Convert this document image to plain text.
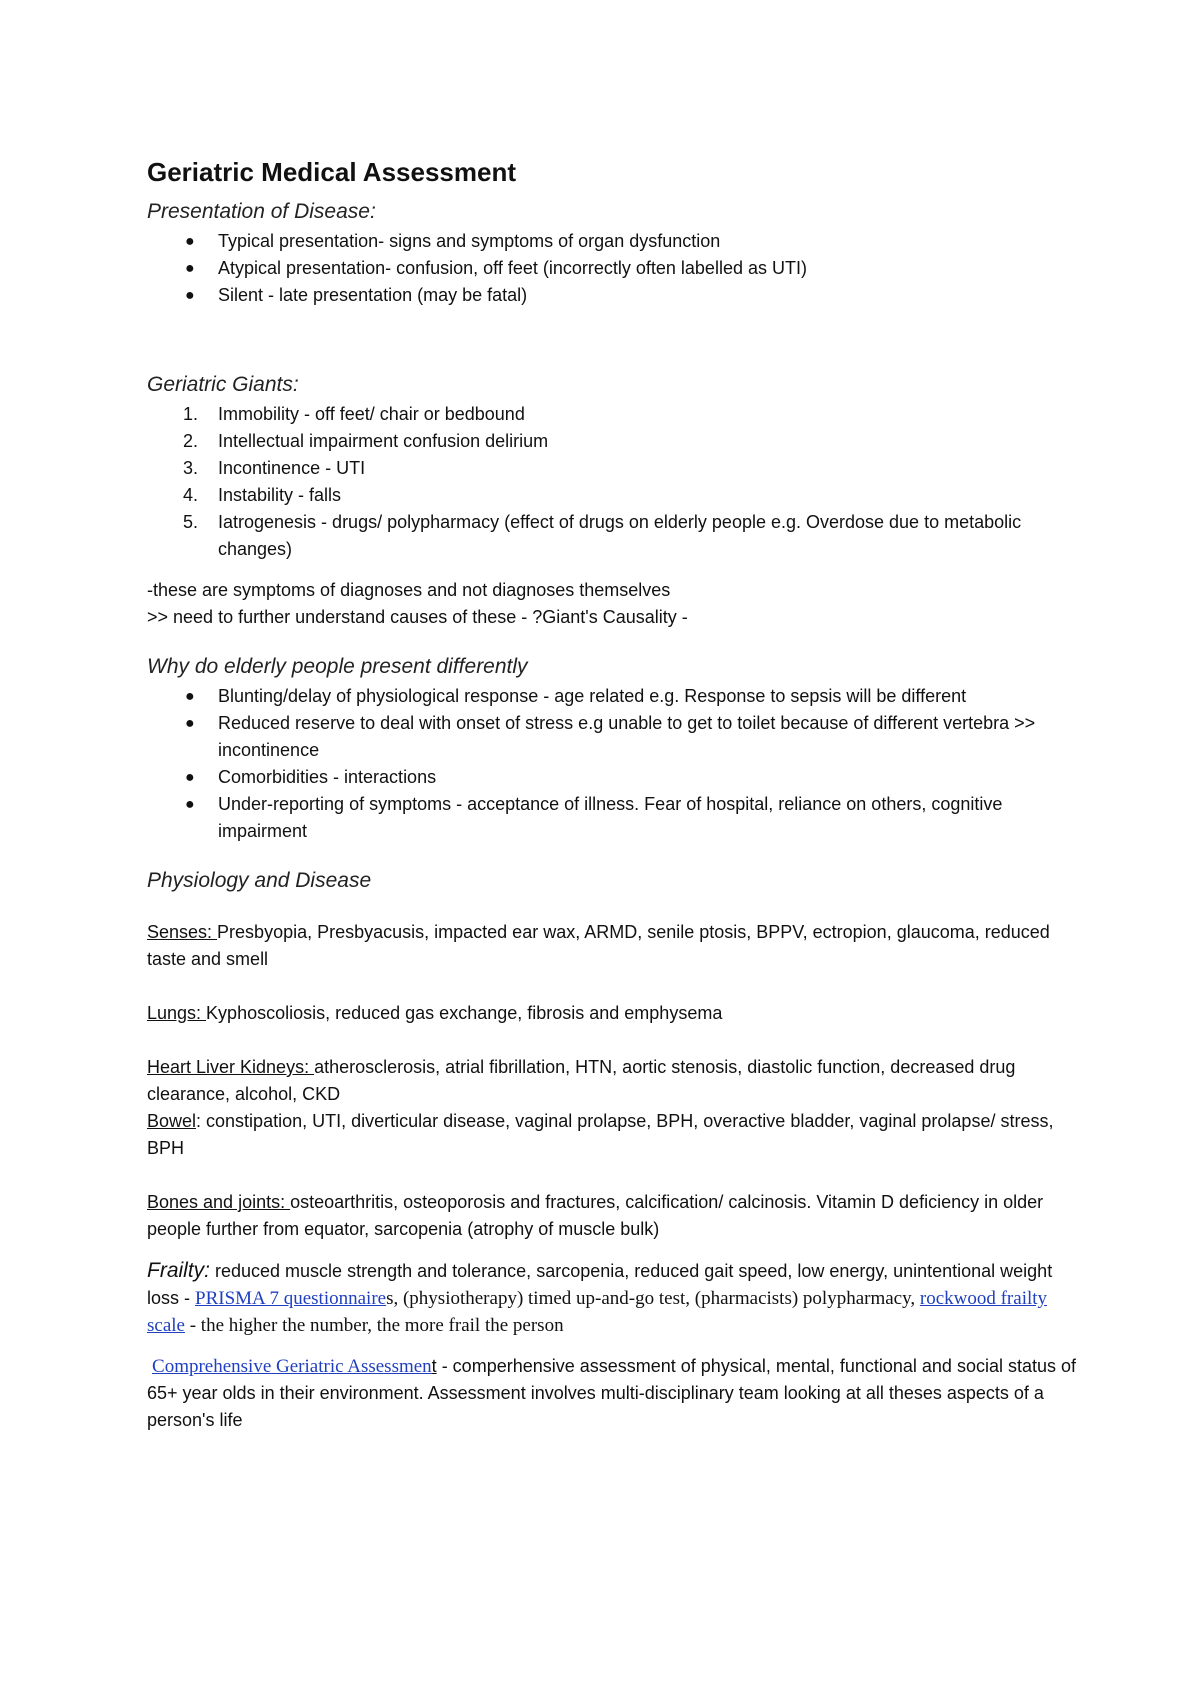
Geriatric Medical Assessment
Presentation of Disease:
● Typical presentation- signs and symptoms of organ dysfunction
● Atypical presentation- confusion, off feet (incorrectly often labelled as UTI)
● Silent - late presentation (may be fatal)
Geriatric Giants:
1. Immobility - off feet/ chair or bedbound
2. Intellectual impairment confusion delirium
3. Incontinence - UTI
4. Instability - falls
5. Iatrogenesis - drugs/ polypharmacy (effect of drugs on elderly people e.g. Overdose due to metabolic changes)

-these are symptoms of diagnoses and not diagnoses themselves

>> need to further understand causes of these - ?Giant's Causality -

Why do elderly people present differently
● Blunting/delay of physiological response - age related e.g. Response to sepsis will be different
● Reduced reserve to deal with onset of stress e.g unable to get to toilet because of different vertebra >> incontinence
● Comorbidities - interactions
● Under-reporting of symptoms - acceptance of illness. Fear of hospital, reliance on others, cognitive impairment
Physiology and Disease

Senses: Presbyopia, Presbyacusis, impacted ear wax, ARMD, senile ptosis, BPPV, ectropion, glaucoma, reduced taste and smell

Lungs: Kyphoscoliosis, reduced gas exchange, fibrosis and emphysema

Heart Liver Kidneys: atherosclerosis, atrial fibrillation, HTN, aortic stenosis, diastolic function, decreased drug clearance, alcohol, CKD

Bowel: constipation, UTI, diverticular disease, vaginal prolapse, BPH, overactive bladder, vaginal prolapse/ stress, BPH

Bones and joints: osteoarthritis, osteoporosis and fractures, calcification/ calcinosis. Vitamin D deficiency in older people further from equator, sarcopenia (atrophy of muscle bulk)

Frailty: reduced muscle strength and tolerance, sarcopenia, reduced gait speed, low energy, unintentional weight loss - PRISMA 7 questionnaires, (physiotherapy) timed up-and-go test, (pharmacists) polypharmacy, rockwood frailty scale - the higher the number, the more frail the person

Comprehensive Geriatric Assessment - comperhensive assessment of physical, mental, functional and social status of 65+ year olds in their environment. Assessment involves multi-disciplinary team looking at all theses aspects of a person's life
